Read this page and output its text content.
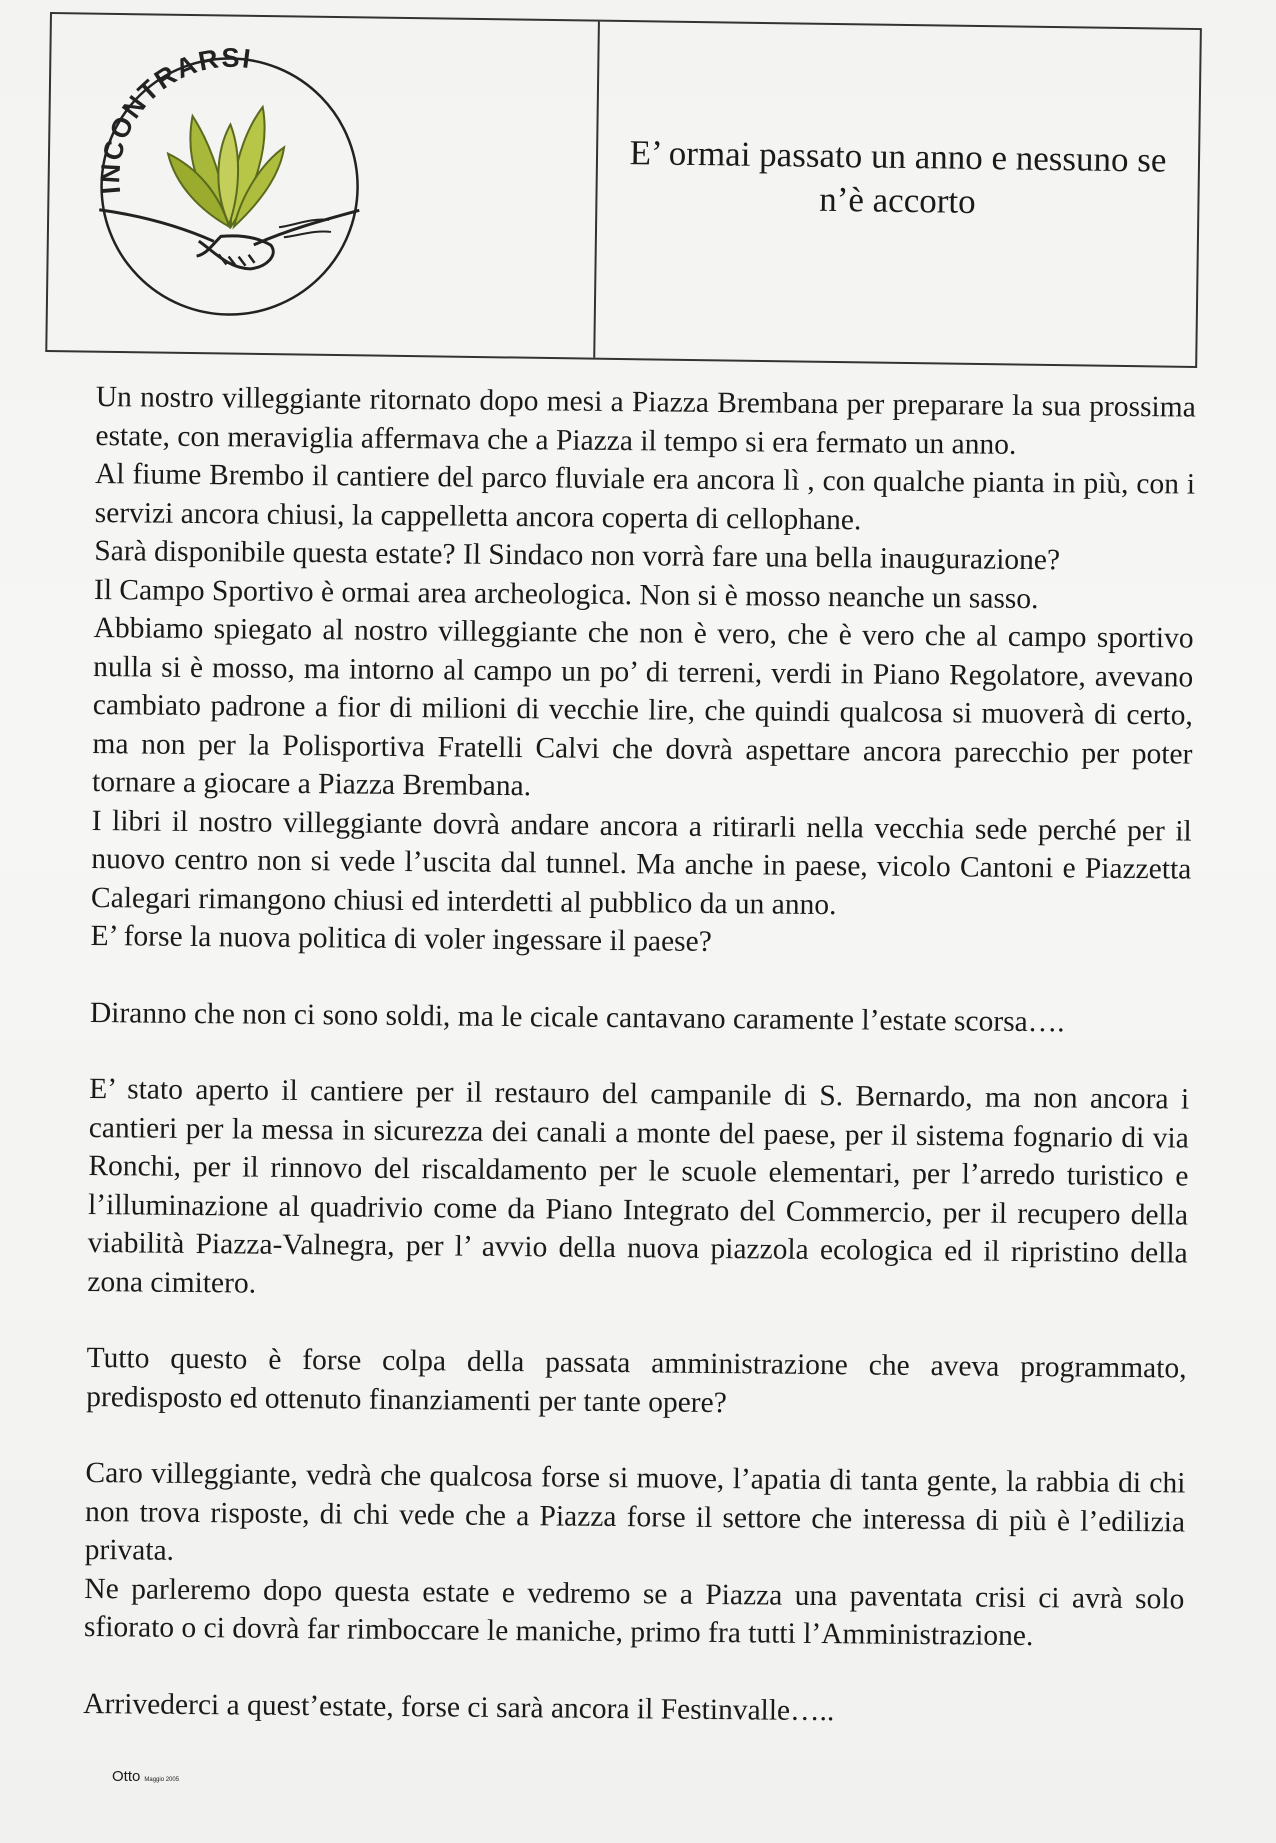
INCONTRARSI

E’ ormai passato un anno e nessuno se n’è accorto

Un nostro villeggiante ritornato dopo mesi a Piazza Brembana per preparare la sua prossima estate, con meraviglia affermava che a Piazza il tempo si era fermato un anno.

Al fiume Brembo il cantiere del parco fluviale era ancora lì , con qualche pianta in più, con i servizi ancora chiusi, la cappelletta ancora coperta di cellophane.

Sarà disponibile questa estate? Il Sindaco non vorrà fare una bella inaugurazione?

Il Campo Sportivo è ormai area archeologica. Non si è mosso neanche un sasso.

Abbiamo spiegato al nostro villeggiante che non è vero, che è vero che al campo sportivo nulla si è mosso, ma intorno al campo un po’ di terreni, verdi in Piano Regolatore, avevano cambiato padrone a fior di milioni di vecchie lire, che quindi qualcosa si muoverà di certo, ma non per la Polisportiva Fratelli Calvi che dovrà aspettare ancora parecchio per poter tornare a giocare a Piazza Brembana.

I libri il nostro villeggiante dovrà andare ancora a ritirarli nella vecchia sede perché per il nuovo centro non si vede l’uscita dal tunnel. Ma anche in paese, vicolo Cantoni e Piazzetta Calegari rimangono chiusi ed interdetti al pubblico da un anno.

E’ forse la nuova politica di voler ingessare il paese?

Diranno che non ci sono soldi, ma le cicale cantavano caramente l’estate scorsa….

E’ stato aperto il cantiere per il restauro del campanile di S. Bernardo, ma non ancora i cantieri per la messa in sicurezza dei canali a monte del paese, per il sistema fognario di via Ronchi, per il rinnovo del riscaldamento per le scuole elementari, per l’arredo turistico e l’illuminazione al quadrivio come da Piano Integrato del Commercio, per il recupero della viabilità Piazza-Valnegra, per l’ avvio della nuova piazzola ecologica ed il ripristino della zona cimitero.

Tutto questo è forse colpa della passata amministrazione che aveva programmato, predisposto ed ottenuto finanziamenti per tante opere?

Caro villeggiante, vedrà che qualcosa forse si muove, l’apatia di tanta gente, la rabbia di chi non trova risposte, di chi vede che a Piazza forse il settore che interessa di più è l’edilizia privata.

Ne parleremo dopo questa estate e vedremo se a Piazza una paventata crisi ci avrà solo sfiorato o ci dovrà far rimboccare le maniche, primo fra tutti l’Amministrazione.

Arrivederci a quest’estate, forse ci sarà ancora il Festinvalle…..

Otto Maggio 2005
